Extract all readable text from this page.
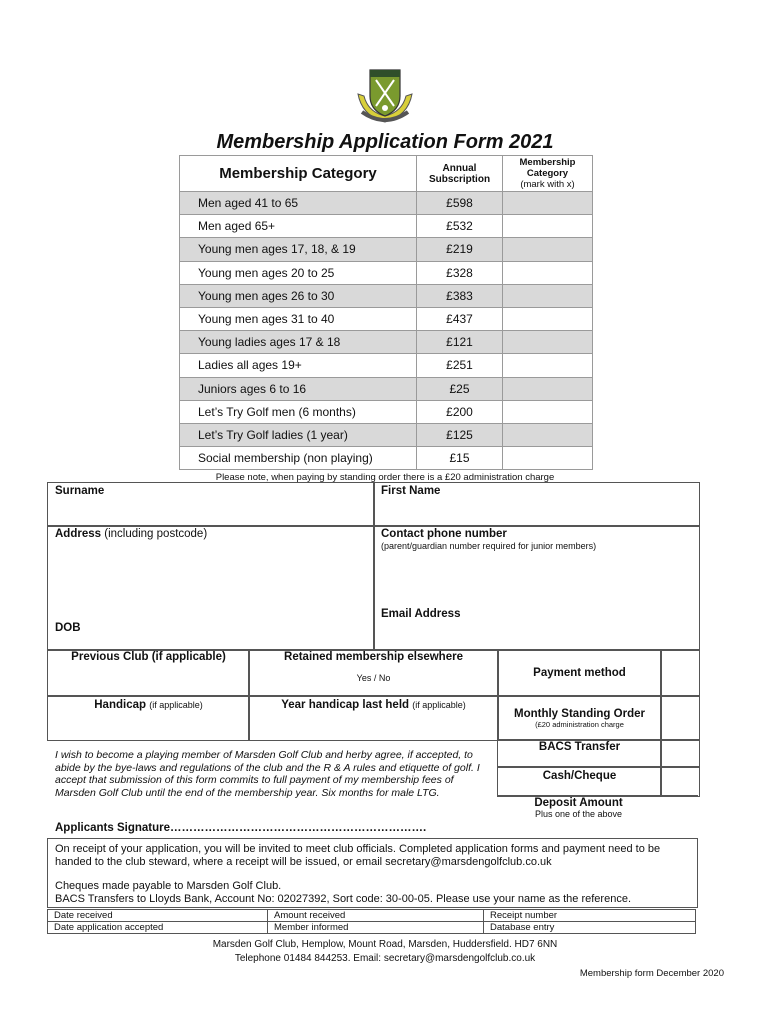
Membership Application Form 2021
Membership Category	Annual Subscription	Membership Category
(mark with x)
Men aged 41 to 65	£598	
Men aged 65+	£532	
Young men ages 17, 18, & 19	£219	
Young men ages 20 to 25	£328	
Young men ages 26 to 30	£383	
Young men ages 31 to 40	£437	
Young ladies ages 17 & 18	£121	
Ladies all ages 19+	£251	
Juniors ages 6 to 16	£25	
Let’s Try Golf men (6 months)	£200	
Let’s Try Golf ladies (1 year)	£125	
Social membership (non playing)	£15	
Please note, when paying by standing order there is a £20 administration charge
Surname	First Name
Address (including postcode)
DOB
Contact phone number
(parent/guardian number required for junior members)
Email Address
Previous Club (if applicable)	Retained membership elsewhere
Yes / No
Handicap (if applicable)	Year handicap last held (if applicable)
Payment method
Monthly Standing Order
(£20 administration charge
BACS Transfer
Cash/Cheque
Deposit Amount
Plus one of the above
I wish to become a playing member of Marsden Golf Club and herby agree, if accepted, to abide by the bye-laws and regulations of the club and the R & A rules and etiquette of golf. I accept that submission of this form commits to full payment of my membership fees of Marsden Golf Club until the end of the membership year. Six months for male LTG.
Applicants Signature………………………………………………………….
On receipt of your application, you will be invited to meet club officials. Completed application forms and payment need to be handed to the club steward, where a receipt will be issued, or email secretary@marsdengolfclub.co.uk
Cheques made payable to Marsden Golf Club.
BACS Transfers to Lloyds Bank, Account No: 02027392, Sort code: 30-00-05. Please use your name as the reference.
Date received	Amount received	Receipt number
Date application accepted	Member informed	Database entry
Marsden Golf Club, Hemplow, Mount Road, Marsden, Huddersfield. HD7 6NN
Telephone 01484 844253. Email: secretary@marsdengolfclub.co.uk
Membership form December 2020
